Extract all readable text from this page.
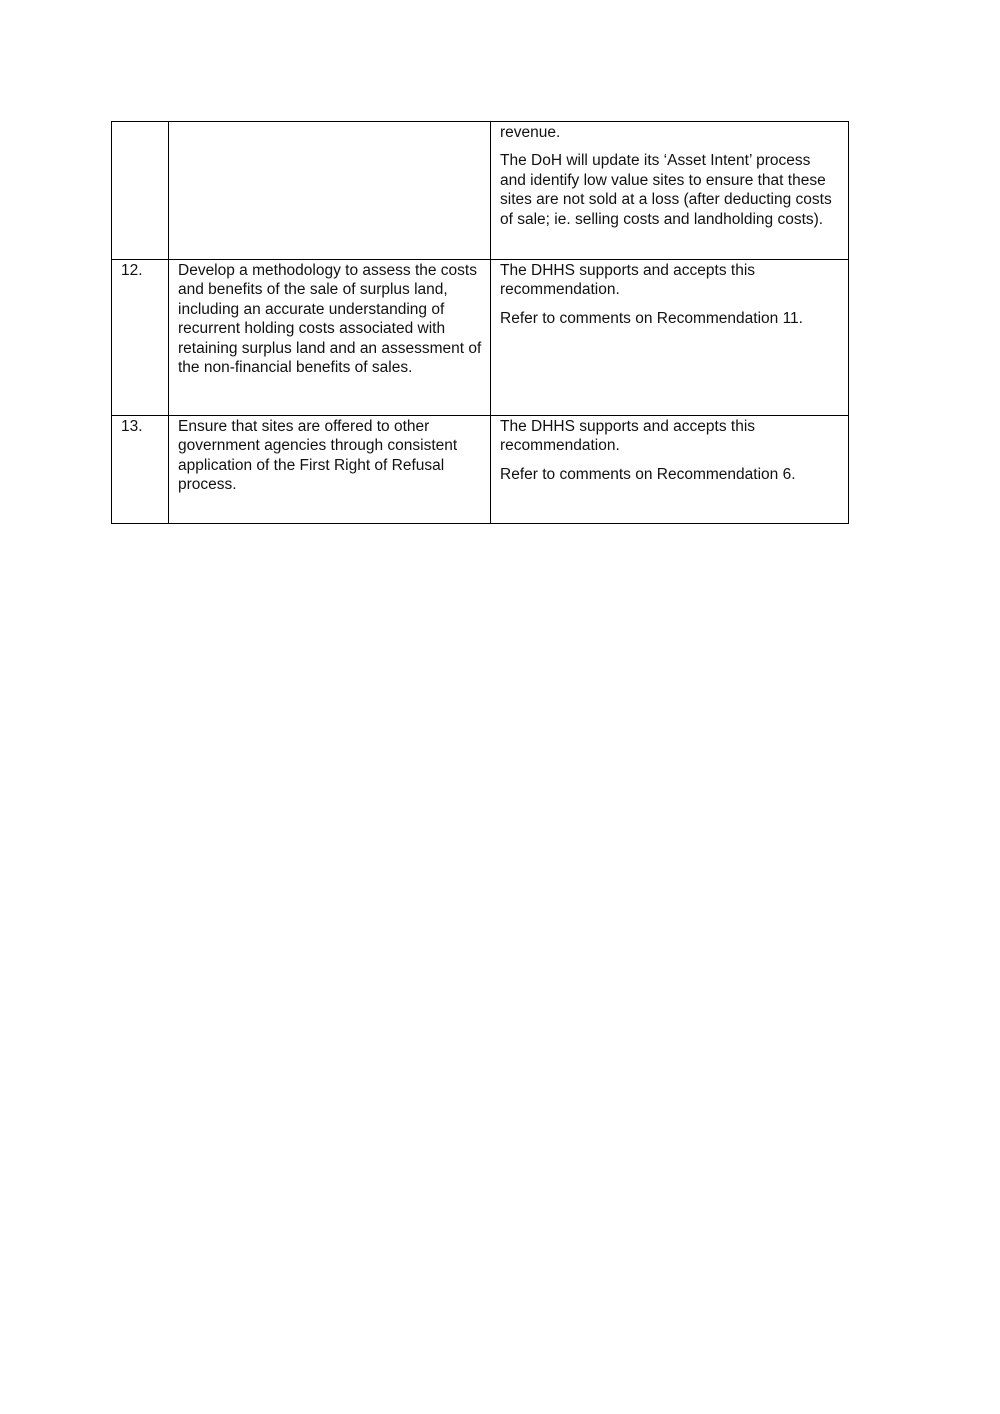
		revenue.

The DoH will update its ‘Asset Intent’ process and identify low value sites to ensure that these sites are not sold at a loss (after deducting costs of sale; ie. selling costs and landholding costs).

12.	Develop a methodology to assess the costs and benefits of the sale of surplus land, including an accurate understanding of recurrent holding costs associated with retaining surplus land and an assessment of the non-financial benefits of sales.	The DHHS supports and accepts this recommendation.

Refer to comments on Recommendation 11.

13.	Ensure that sites are offered to other government agencies through consistent application of the First Right of Refusal process.	The DHHS supports and accepts this recommendation.

Refer to comments on Recommendation 6.
